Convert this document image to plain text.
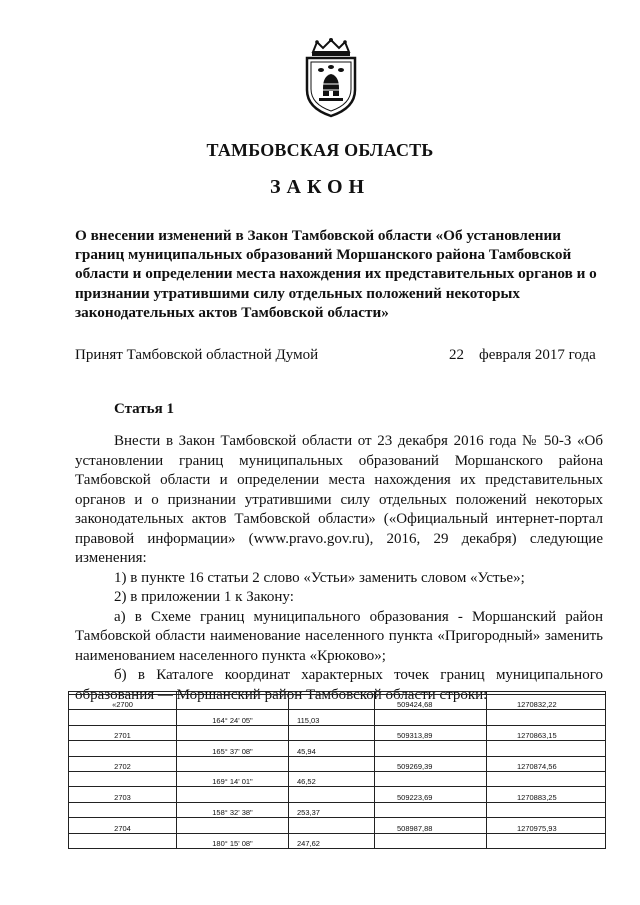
ТАМБОВСКАЯ ОБЛАСТЬ
ЗАКОН

О внесении изменений в Закон Тамбовской области «Об установлении

границ муниципальных образований Моршанского района Тамбовской

области и определении места нахождения их представительных органов и о

признании утратившими силу отдельных положений некоторых

законодательных актов Тамбовской области»

Принят Тамбовской областной Думой	22 февраля 2017 года
Статья 1

Внести в Закон Тамбовской области от 23 декабря 2016 года № 50-З «Об установлении границ муниципальных образований Моршанского района Тамбовской области и определении места нахождения их представительных органов и о признании утратившими силу отдельных положений некоторых законодательных актов Тамбовской области» («Официальный интернет-портал правовой информации» (www.pravo.gov.ru), 2016, 29 декабря) следующие изменения:

1) в пункте 16 статьи 2 слово «Устьи» заменить словом «Устье»;

2) в приложении 1 к Закону:

а) в Схеме границ муниципального образования - Моршанский район Тамбовской области наименование населенного пункта «Пригородный» заменить наименованием населенного пункта «Крюково»;

б) в Каталоге координат характерных точек границ муниципального образования — Моршанский район Тамбовской области строки:

«2700			509424,68	1270832,22
	164° 24' 05"	115,03		
2701			509313,89	1270863,15
	165° 37' 08"	45,94		
2702			509269,39	1270874,56
	169° 14' 01"	46,52		
2703			509223,69	1270883,25
	158° 32' 38"	253,37		
2704			508987,88	1270975,93
	180° 15' 08"	247,62		
